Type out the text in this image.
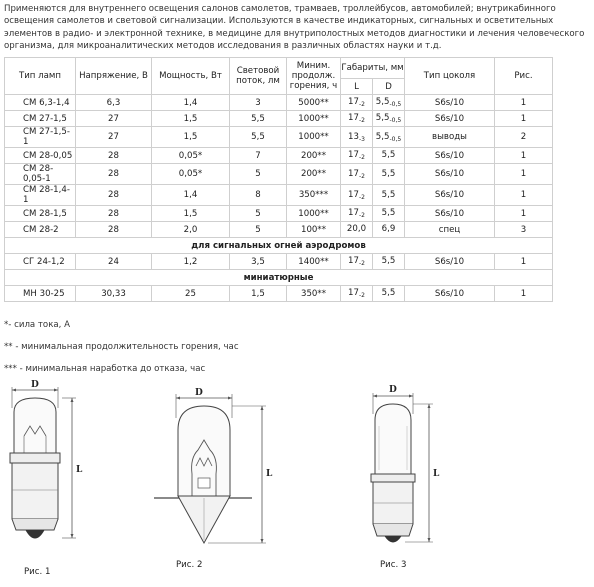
Применяются для внутреннего освещения салонов самолетов, трамваев, троллейбусов, автомобилей; внутрикабинного освещения самолетов и световой сигнализации. Используются в качестве индикаторных, сигнальных и осветительных элементов в радио- и электронной технике, в медицине для внутриполостных методов диагностики и лечения человеческого организма, для микроаналитических методов исследования в различных областях науки и т.д.
Тип ламп	Напряжение, В	Мощность, Вт	Световой поток, лм	Миним. продолж. горения, ч	Габариты, мм		Тип цоколя	Рис.
					L	D		
СМ 6,3-1,4	6,3	1,4	3	5000**	$17_{-2}$	$5,5_{-0,5}$	S6s/10	1
СМ 27-1,5	27	1,5	5,5	1000**	$17_{-2}$	$5,5_{-0,5}$	S6s/10	1
СМ 27-1,5-1	27	1,5	5,5	1000**	$13_{-3}$	$5,5_{-0,5}$	выводы	2
СМ 28-0,05	28	0,05*	7	200**	$17_{-2}$	5,5	S6s/10	1
СМ 28-0,05-1	28	0,05*	5	200**	$17_{-2}$	5,5	S6s/10	1
СМ 28-1,4-1	28	1,4	8	350***	$17_{-2}$	5,5	S6s/10	1
СМ 28-1,5	28	1,5	5	1000**	$17_{-2}$	5,5	S6s/10	1
СМ 28-2	28	2,0	5	100**	20,0	6,9	спец	3
для сигнальных огней аэродромов								
СГ 24-1,2	24	1,2	3,5	1400**	$17_{-2}$	5,5	S6s/10	1
миниатюрные								
МН 30-25	30,33	25	1,5	350**	$17_{-2}$	5,5	S6s/10	1
*- сила тока, А
** - минимальная продолжительность горения, час
*** - минимальная наработка до отказа, час
D
L
Рис. 1
D
L
Рис. 2
D
L
Рис. 3
